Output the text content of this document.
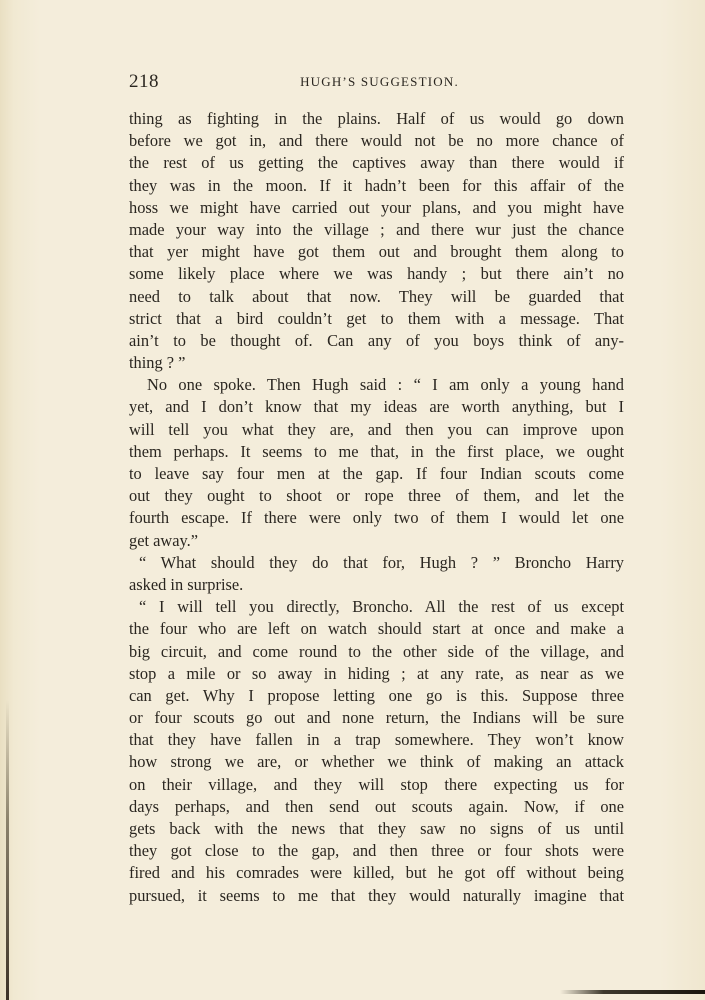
218	HUGH’S SUGGESTION.
thing as fighting in the plains. Half of us would go down
before we got in, and there would not be no more chance of
the rest of us getting the captives away than there would if
they was in the moon. If it hadn’t been for this affair of the
hoss we might have carried out your plans, and you might have
made your way into the village ; and there wur just the chance
that yer might have got them out and brought them along to
some likely place where we was handy ; but there ain’t no
need to talk about that now. They will be guarded that
strict that a bird couldn’t get to them with a message. That
ain’t to be thought of. Can any of you boys think of any-
thing ? ”
No one spoke. Then Hugh said : “ I am only a young hand
yet, and I don’t know that my ideas are worth anything, but I
will tell you what they are, and then you can improve upon
them perhaps. It seems to me that, in the first place, we ought
to leave say four men at the gap. If four Indian scouts come
out they ought to shoot or rope three of them, and let the
fourth escape. If there were only two of them I would let one
get away.”
“ What should they do that for, Hugh ? ” Broncho Harry
asked in surprise.
“ I will tell you directly, Broncho. All the rest of us except
the four who are left on watch should start at once and make a
big circuit, and come round to the other side of the village, and
stop a mile or so away in hiding ; at any rate, as near as we
can get. Why I propose letting one go is this. Suppose three
or four scouts go out and none return, the Indians will be sure
that they have fallen in a trap somewhere. They won’t know
how strong we are, or whether we think of making an attack
on their village, and they will stop there expecting us for
days perhaps, and then send out scouts again. Now, if one
gets back with the news that they saw no signs of us until
they got close to the gap, and then three or four shots were
fired and his comrades were killed, but he got off without being
pursued, it seems to me that they would naturally imagine that
